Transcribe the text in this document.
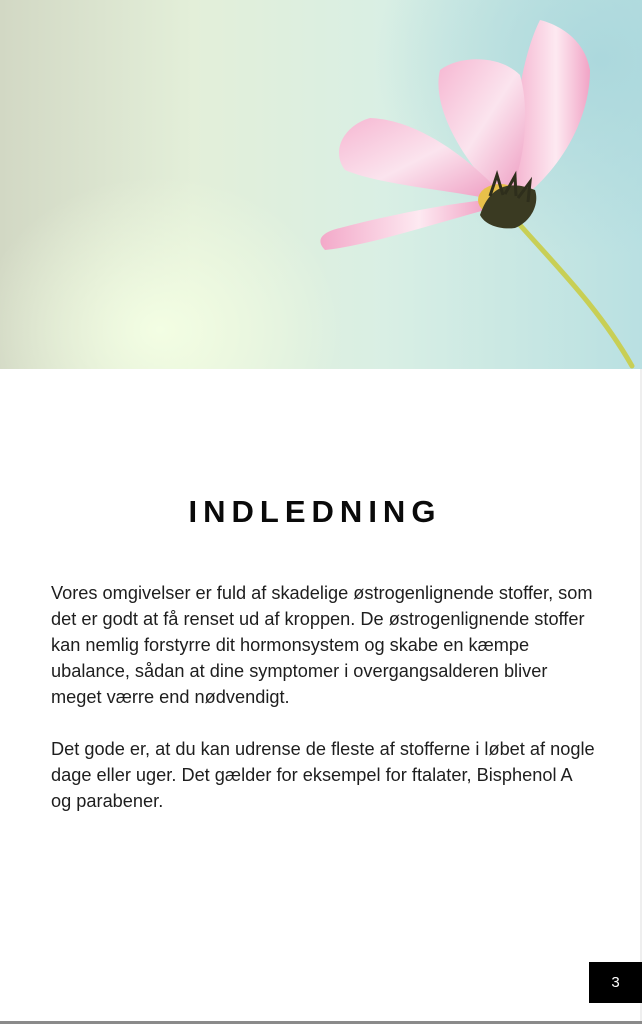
INDLEDNING

Vores omgivelser er fuld af skadelige østrogenlignende stoffer, som det er godt at få renset ud af kroppen. De østrogenlignende stoffer kan nemlig forstyrre dit hormonsystem og skabe en kæmpe ubalance, sådan at dine symptomer i overgangsalderen bliver meget værre end nødvendigt.

Det gode er, at du kan udrense de fleste af stofferne i løbet af nogle dage eller uger. Det gælder for eksempel for ftalater, Bisphenol A og parabener.

3
